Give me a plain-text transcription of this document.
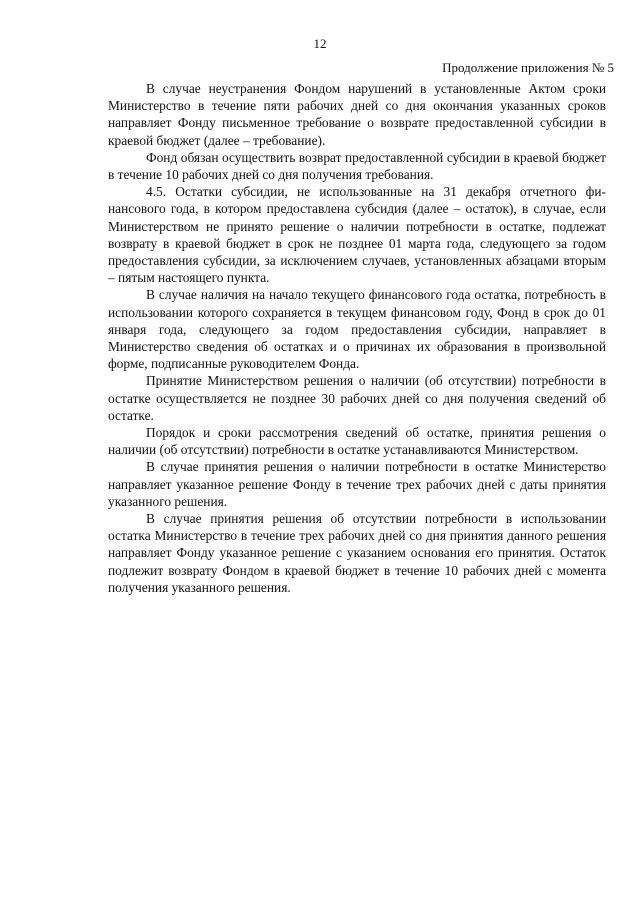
12
Продолжение приложения № 5

В случае неустранения Фондом нарушений в установленные Актом сроки Министерство в течение пяти рабочих дней со дня окончания указанных сроков направляет Фонду письменное требование о возврате предоставленной субсидии в краевой бюджет (далее – требование).

Фонд обязан осуществить возврат предоставленной субсидии в краевой бюджет в течение 10 рабочих дней со дня получения требования.

4.5. Остатки субсидии, не использованные на 31 декабря отчетного финансового года, в котором предоставлена субсидия (далее – остаток), в случае, если Министерством не принято решение о наличии потребности в остатке, подлежат возврату в краевой бюджет в срок не позднее 01 марта года, следующего за годом предоставления субсидии, за исключением случаев, установленных абзацами вторым – пятым настоящего пункта.

В случае наличия на начало текущего финансового года остатка, потребность в использовании которого сохраняется в текущем финансовом году, Фонд в срок до 01 января года, следующего за годом предоставления субсидии, направляет в Министерство сведения об остатках и о причинах их образования в произвольной форме, подписанные руководителем Фонда.

Принятие Министерством решения о наличии (об отсутствии) потребности в остатке осуществляется не позднее 30 рабочих дней со дня получения сведений об остатке.

Порядок и сроки рассмотрения сведений об остатке, принятия решения о наличии (об отсутствии) потребности в остатке устанавливаются Министерством.

В случае принятия решения о наличии потребности в остатке Министерство направляет указанное решение Фонду в течение трех рабочих дней с даты принятия указанного решения.

В случае принятия решения об отсутствии потребности в использовании остатка Министерство в течение трех рабочих дней со дня принятия данного решения направляет Фонду указанное решение с указанием основания его принятия. Остаток подлежит возврату Фондом в краевой бюджет в течение 10 рабочих дней с момента получения указанного решения.
